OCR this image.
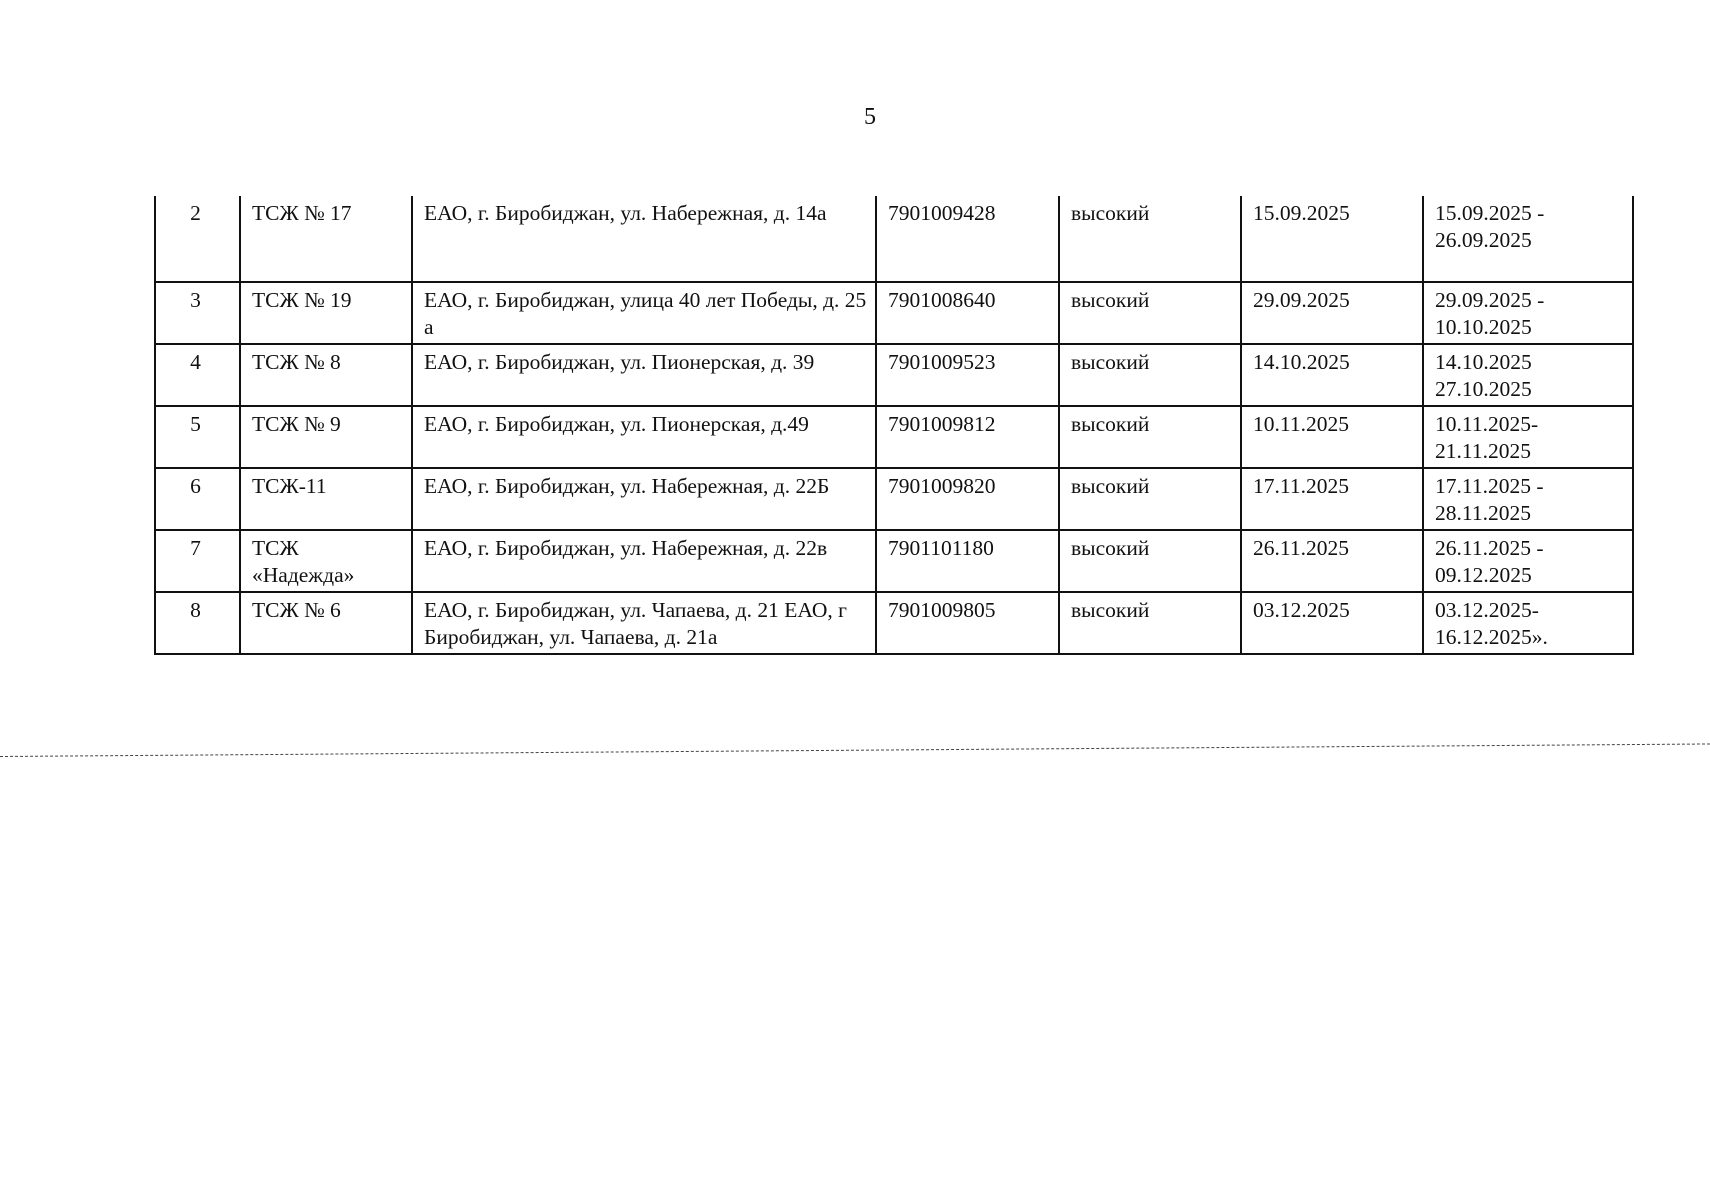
5
2	ТСЖ № 17	ЕАО, г. Биробиджан, ул. Набережная, д. 14а	7901009428	высокий	15.09.2025	15.09.2025 - 26.09.2025
3	ТСЖ № 19	ЕАО, г. Биробиджан, улица 40 лет Победы, д. 25 а	7901008640	высокий	29.09.2025	29.09.2025 - 10.10.2025
4	ТСЖ № 8	ЕАО, г. Биробиджан, ул. Пионерская, д. 39	7901009523	высокий	14.10.2025	14.10.2025 27.10.2025
5	ТСЖ № 9	ЕАО, г. Биробиджан, ул. Пионерская, д.49	7901009812	высокий	10.11.2025	10.11.2025- 21.11.2025
6	ТСЖ-11	ЕАО, г. Биробиджан, ул. Набережная, д. 22Б	7901009820	высокий	17.11.2025	17.11.2025 - 28.11.2025
7	ТСЖ «Надежда»	ЕАО, г. Биробиджан, ул. Набережная, д. 22в	7901101180	высокий	26.11.2025	26.11.2025 - 09.12.2025
8	ТСЖ № 6	ЕАО, г. Биробиджан, ул. Чапаева, д. 21 ЕАО, г Биробиджан, ул. Чапаева, д. 21а	7901009805	высокий	03.12.2025	03.12.2025- 16.12.2025».
